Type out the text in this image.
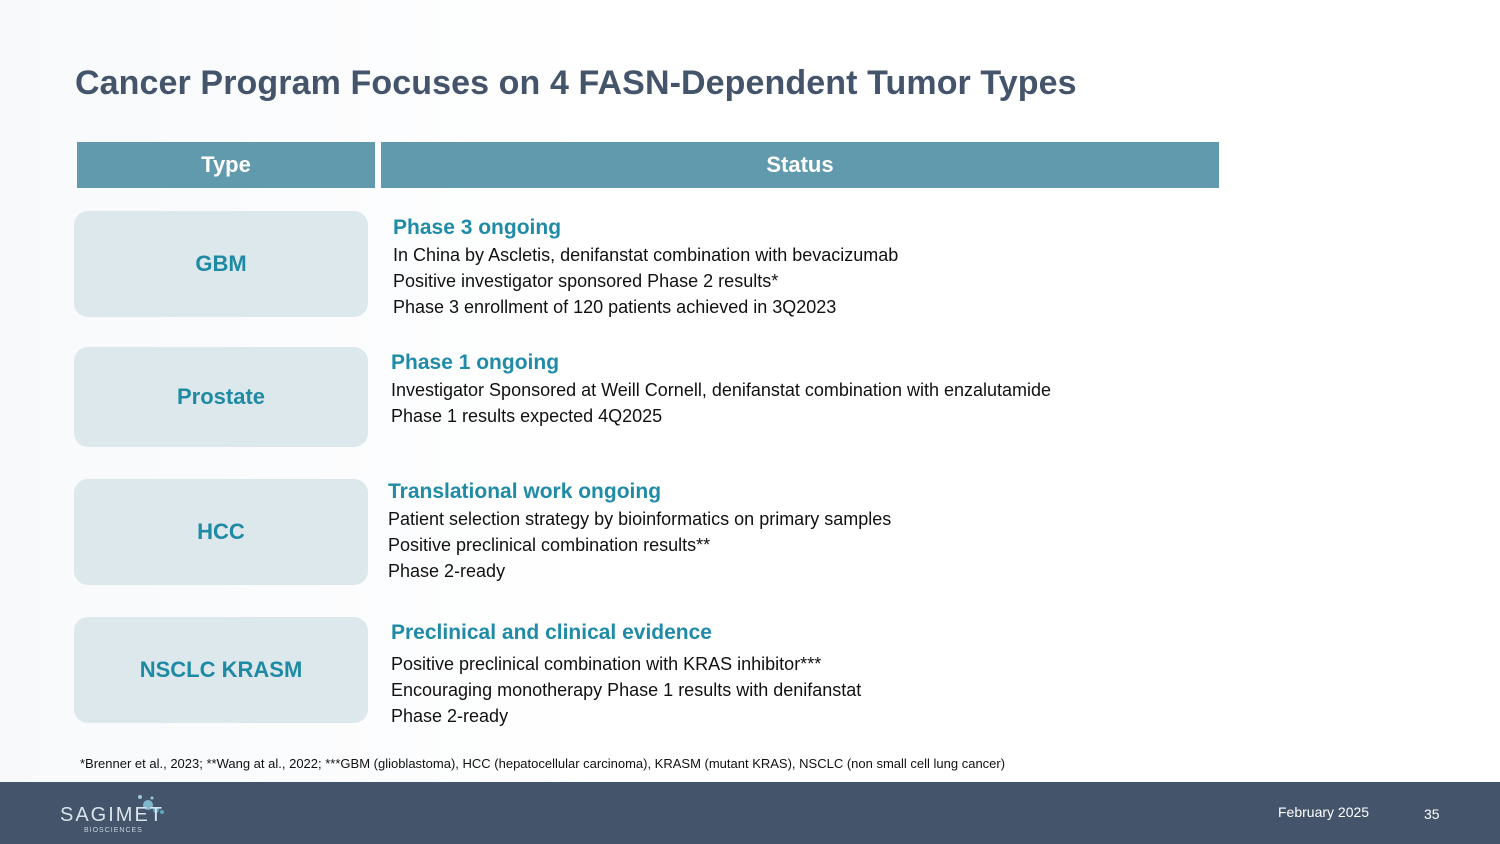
Cancer Program Focuses on 4 FASN-Dependent Tumor Types
Type	Status
GBM
Phase 3 ongoing
In China by Ascletis, denifanstat combination with bevacizumab
Positive investigator sponsored Phase 2 results*
Phase 3 enrollment of 120 patients achieved in 3Q2023
Prostate
Phase 1 ongoing
Investigator Sponsored at Weill Cornell, denifanstat combination with enzalutamide
Phase 1 results expected 4Q2025
HCC
Translational work ongoing
Patient selection strategy by bioinformatics on primary samples
Positive preclinical combination results**
Phase 2-ready
NSCLC KRASM
Preclinical and clinical evidence
Positive preclinical combination with KRAS inhibitor***
Encouraging monotherapy Phase 1 results with denifanstat
Phase 2-ready
*Brenner et al., 2023; **Wang at al., 2022; ***GBM (glioblastoma), HCC (hepatocellular carcinoma), KRASM (mutant KRAS), NSCLC (non small cell lung cancer)
SAGIMET
BIOSCIENCES
February 2025	35
